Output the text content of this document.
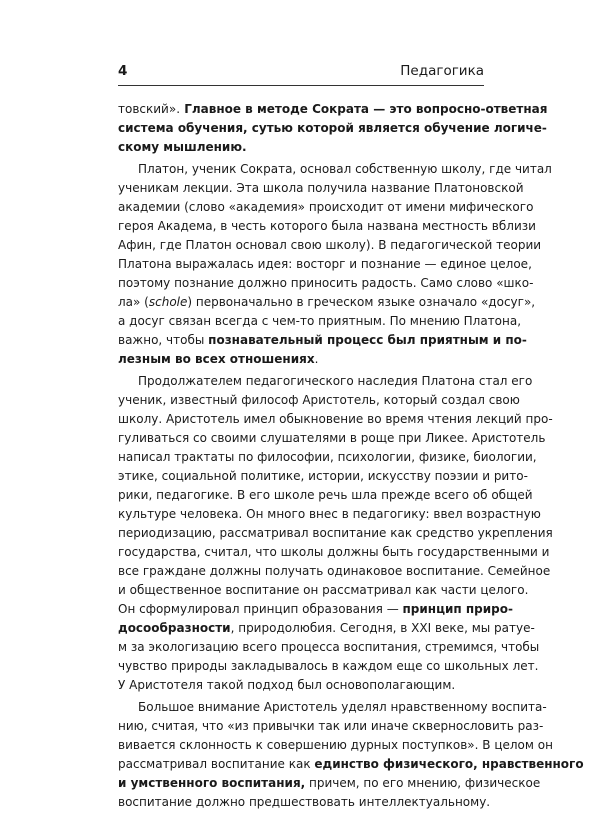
4	Педагогика
товский». Главное в методе Сократа — это вопросно-ответная
система обучения, сутью которой является обучение логиче-
скому мышлению.
Платон, ученик Сократа, основал собственную школу, где читал
ученикам лекции. Эта школа получила название Платоновской
академии (слово «академия» происходит от имени мифического
героя Академа, в честь которого была названа местность вблизи
Афин, где Платон основал свою школу). В педагогической теории
Платона выражалась идея: восторг и познание — единое целое,
поэтому познание должно приносить радость. Само слово «шко-
ла» (schole) первоначально в греческом языке означало «досуг»,
а досуг связан всегда с чем-то приятным. По мнению Платона,
важно, чтобы познавательный процесс был приятным и по-
лезным во всех отношениях.
Продолжателем педагогического наследия Платона стал его
ученик, известный философ Аристотель, который создал свою
школу. Аристотель имел обыкновение во время чтения лекций про-
гуливаться со своими слушателями в роще при Ликее. Аристотель
написал трактаты по философии, психологии, физике, биологии,
этике, социальной политике, истории, искусству поэзии и рито-
рики, педагогике. В его школе речь шла прежде всего об общей
культуре человека. Он много внес в педагогику: ввел возрастную
периодизацию, рассматривал воспитание как средство укрепления
государства, считал, что школы должны быть государственными и
все граждане должны получать одинаковое воспитание. Семейное
и общественное воспитание он рассматривал как части целого.
Он сформулировал принцип образования — принцип приро-
досообразности, природолюбия. Сегодня, в XXI веке, мы ратуе-
м за экологизацию всего процесса воспитания, стремимся, чтобы
чувство природы закладывалось в каждом еще со школьных лет.
У Аристотеля такой подход был основополагающим.
Большое внимание Аристотель уделял нравственному воспита-
нию, считая, что «из привычки так или иначе сквернословить раз-
вивается склонность к совершению дурных поступков». В целом он
рассматривал воспитание как единство физического, нравственного
и умственного воспитания, причем, по его мнению, физическое
воспитание должно предшествовать интеллектуальному.
